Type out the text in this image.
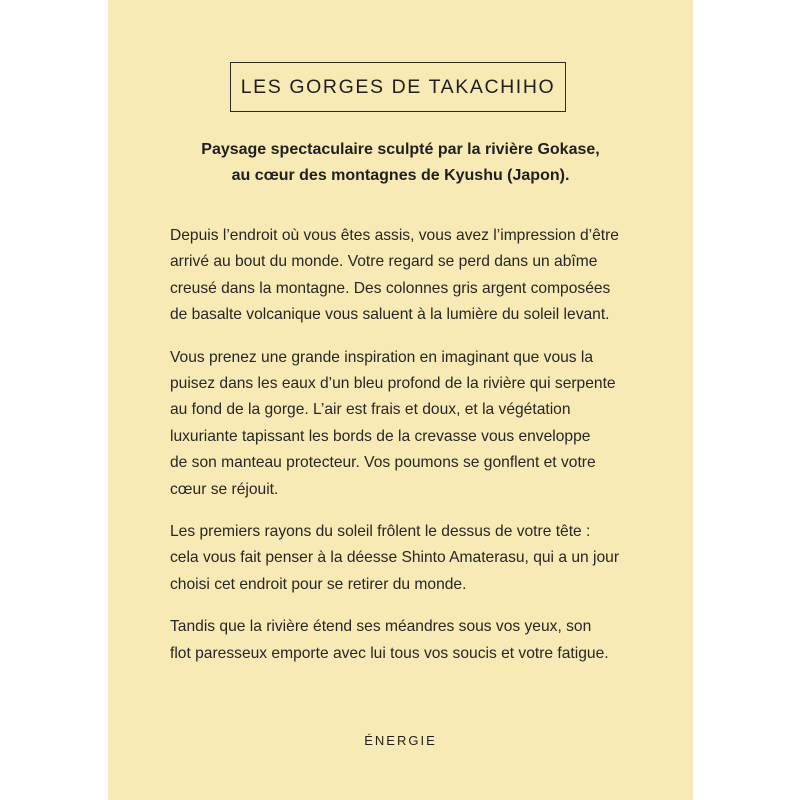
LES GORGES DE TAKACHIHO
Paysage spectaculaire sculpté par la rivière Gokase,
au cœur des montagnes de Kyushu (Japon).
Depuis l’endroit où vous êtes assis, vous avez l’impression d’être
arrivé au bout du monde. Votre regard se perd dans un abîme
creusé dans la montagne. Des colonnes gris argent composées
de basalte volcanique vous saluent à la lumière du soleil levant.
Vous prenez une grande inspiration en imaginant que vous la
puisez dans les eaux d’un bleu profond de la rivière qui serpente
au fond de la gorge. L’air est frais et doux, et la végétation
luxuriante tapissant les bords de la crevasse vous enveloppe
de son manteau protecteur. Vos poumons se gonflent et votre
cœur se réjouit.
Les premiers rayons du soleil frôlent le dessus de votre tête :
cela vous fait penser à la déesse Shinto Amaterasu, qui a un jour
choisi cet endroit pour se retirer du monde.
Tandis que la rivière étend ses méandres sous vos yeux, son
flot paresseux emporte avec lui tous vos soucis et votre fatigue.
ÉNERGIE
